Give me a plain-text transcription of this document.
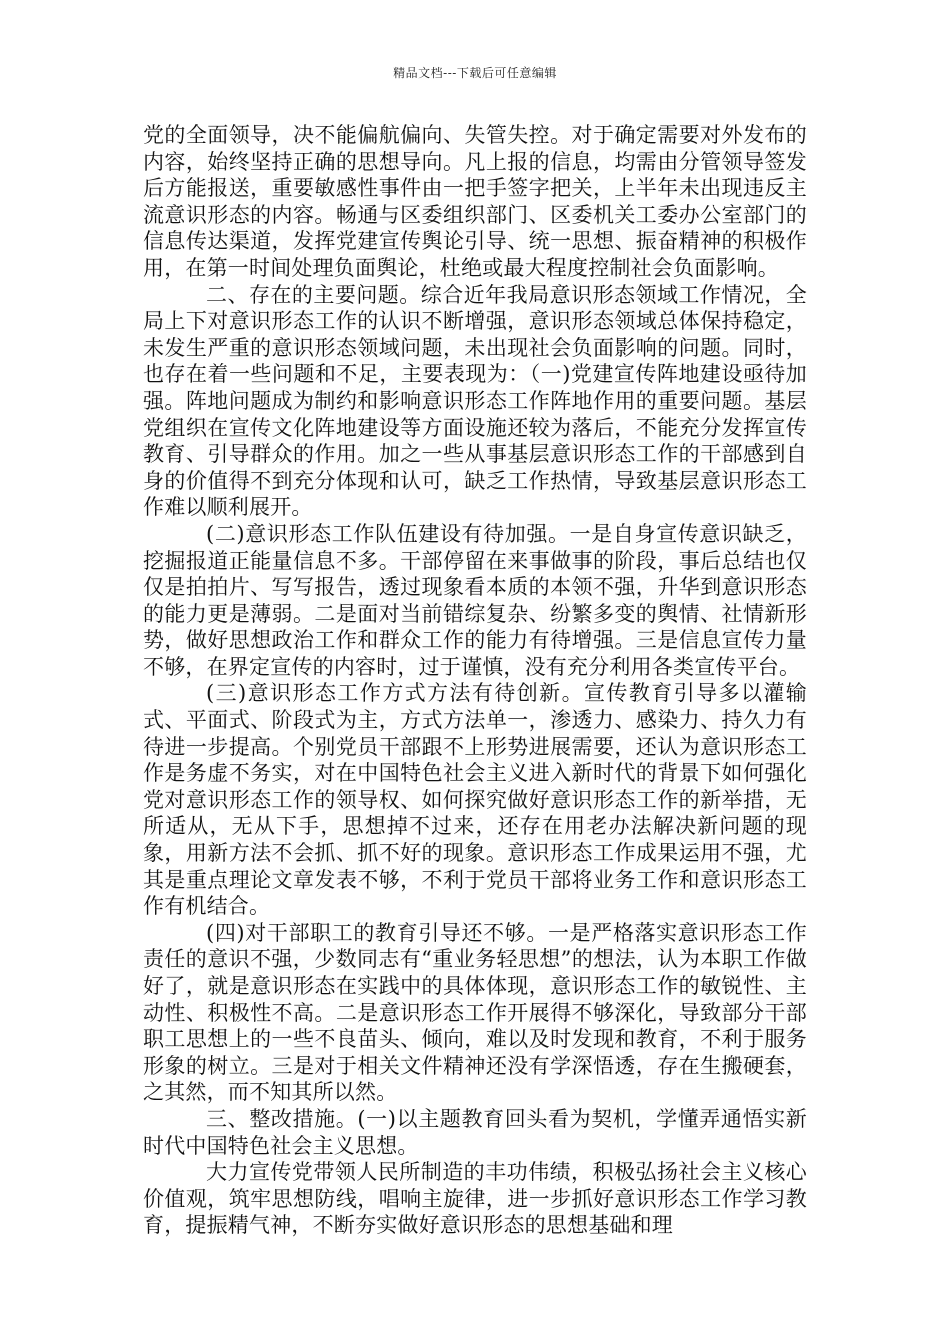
精品文档---下载后可任意编辑

党的全面领导，决不能偏航偏向、失管失控。对于确定需要对外发布的内容，始终坚持正确的思想导向。凡上报的信息，均需由分管领导签发后方能报送，重要敏感性事件由一把手签字把关，上半年未出现违反主流意识形态的内容。畅通与区委组织部门、区委机关工委办公室部门的信息传达渠道，发挥党建宣传舆论引导、统一思想、振奋精神的积极作用，在第一时间处理负面舆论，杜绝或最大程度控制社会负面影响。

二、存在的主要问题。综合近年我局意识形态领域工作情况，全局上下对意识形态工作的认识不断增强，意识形态领域总体保持稳定，未发生严重的意识形态领域问题，未出现社会负面影响的问题。同时，也存在着一些问题和不足，主要表现为：（一)党建宣传阵地建设亟待加强。阵地问题成为制约和影响意识形态工作阵地作用的重要问题。基层党组织在宣传文化阵地建设等方面设施还较为落后，不能充分发挥宣传教育、引导群众的作用。加之一些从事基层意识形态工作的干部感到自身的价值得不到充分体现和认可，缺乏工作热情，导致基层意识形态工作难以顺利展开。

(二)意识形态工作队伍建设有待加强。一是自身宣传意识缺乏，挖掘报道正能量信息不多。干部停留在来事做事的阶段，事后总结也仅仅是拍拍片、写写报告，透过现象看本质的本领不强，升华到意识形态的能力更是薄弱。二是面对当前错综复杂、纷繁多变的舆情、社情新形势，做好思想政治工作和群众工作的能力有待增强。三是信息宣传力量不够，在界定宣传的内容时，过于谨慎，没有充分利用各类宣传平台。

(三)意识形态工作方式方法有待创新。宣传教育引导多以灌输式、平面式、阶段式为主，方式方法单一，渗透力、感染力、持久力有待进一步提高。个别党员干部跟不上形势进展需要，还认为意识形态工作是务虚不务实，对在中国特色社会主义进入新时代的背景下如何强化党对意识形态工作的领导权、如何探究做好意识形态工作的新举措，无所适从，无从下手，思想掉不过来，还存在用老办法解决新问题的现象，用新方法不会抓、抓不好的现象。意识形态工作成果运用不强，尤其是重点理论文章发表不够，不利于党员干部将业务工作和意识形态工作有机结合。

(四)对干部职工的教育引导还不够。一是严格落实意识形态工作责任的意识不强，少数同志有“重业务轻思想”的想法，认为本职工作做好了，就是意识形态在实践中的具体体现，意识形态工作的敏锐性、主动性、积极性不高。二是意识形态工作开展得不够深化，导致部分干部职工思想上的一些不良苗头、倾向，难以及时发现和教育，不利于服务形象的树立。三是对于相关文件精神还没有学深悟透，存在生搬硬套，之其然，而不知其所以然。

三、整改措施。(一)以主题教育回头看为契机，学懂弄通悟实新时代中国特色社会主义思想。

大力宣传党带领人民所制造的丰功伟绩，积极弘扬社会主义核心价值观，筑牢思想防线，唱响主旋律，进一步抓好意识形态工作学习教育，提振精气神，不断夯实做好意识形态的思想基础和理
